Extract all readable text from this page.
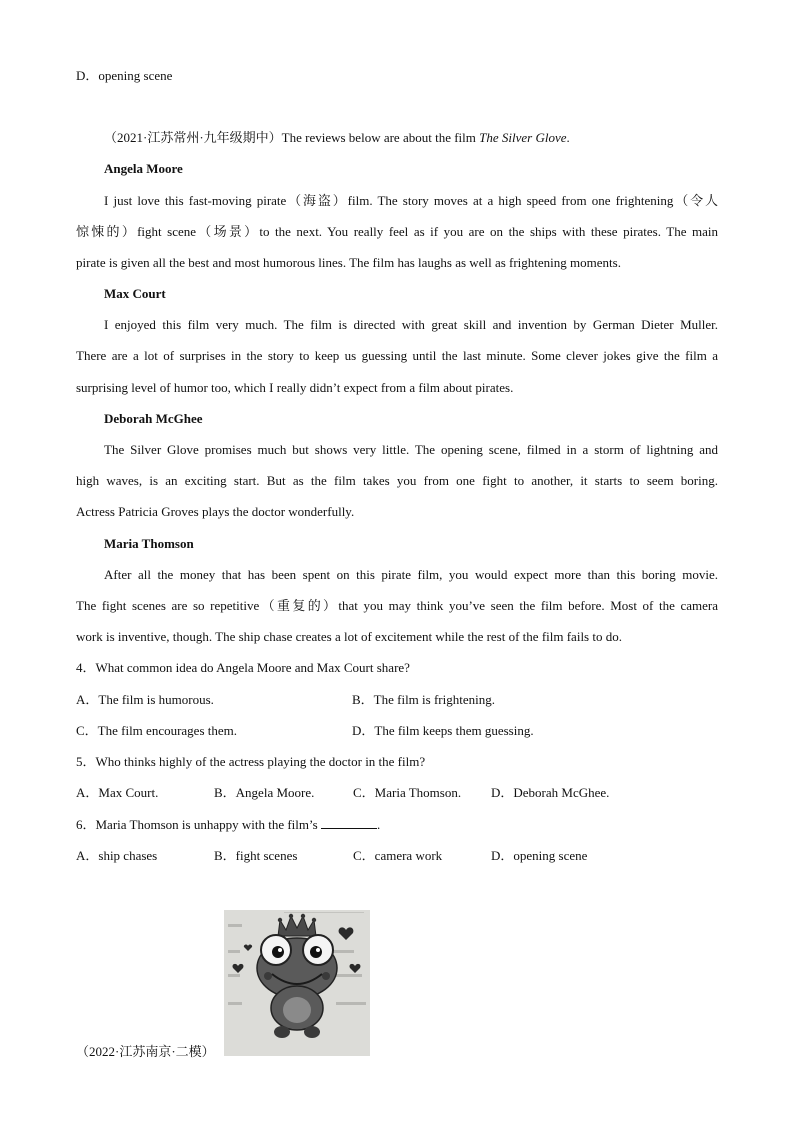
D．opening scene
（2021·江苏常州·九年级期中）The reviews below are about the film The Silver Glove.
Angela Moore
I just love this fast-moving pirate（海盗）film. The story moves at a high speed from one frightening（令人
惊悚的）fight scene（场景）to the next. You really feel as if you are on the ships with these pirates. The main
pirate is given all the best and most humorous lines. The film has laughs as well as frightening moments.
Max Court
I enjoyed this film very much. The film is directed with great skill and invention by German Dieter Muller.
There are a lot of surprises in the story to keep us guessing until the last minute. Some clever jokes give the film a
surprising level of humor too, which I really didn’t expect from a film about pirates.
Deborah McGhee
The Silver Glove promises much but shows very little. The opening scene, filmed in a storm of lightning and
high waves, is an exciting start. But as the film takes you from one fight to another, it starts to seem boring.
Actress Patricia Groves plays the doctor wonderfully.
Maria Thomson
After all the money that has been spent on this pirate film, you would expect more than this boring movie.
The fight scenes are so repetitive（重复的）that you may think you’ve seen the film before. Most of the camera
work is inventive, though. The ship chase creates a lot of excitement while the rest of the film fails to do.
4．What common idea do Angela Moore and Max Court share?
A．The film is humorous.	B．The film is frightening.
C．The film encourages them.	D．The film keeps them guessing.
5．Who thinks highly of the actress playing the doctor in the film?
A．Max Court.	B．Angela Moore.	C．Maria Thomson. D．Deborah McGhee.
6．Maria Thomson is unhappy with the film’s	.
A．ship chases	B．fight scenes	C．camera work	D．opening scene
（2022·江苏南京·二模）
